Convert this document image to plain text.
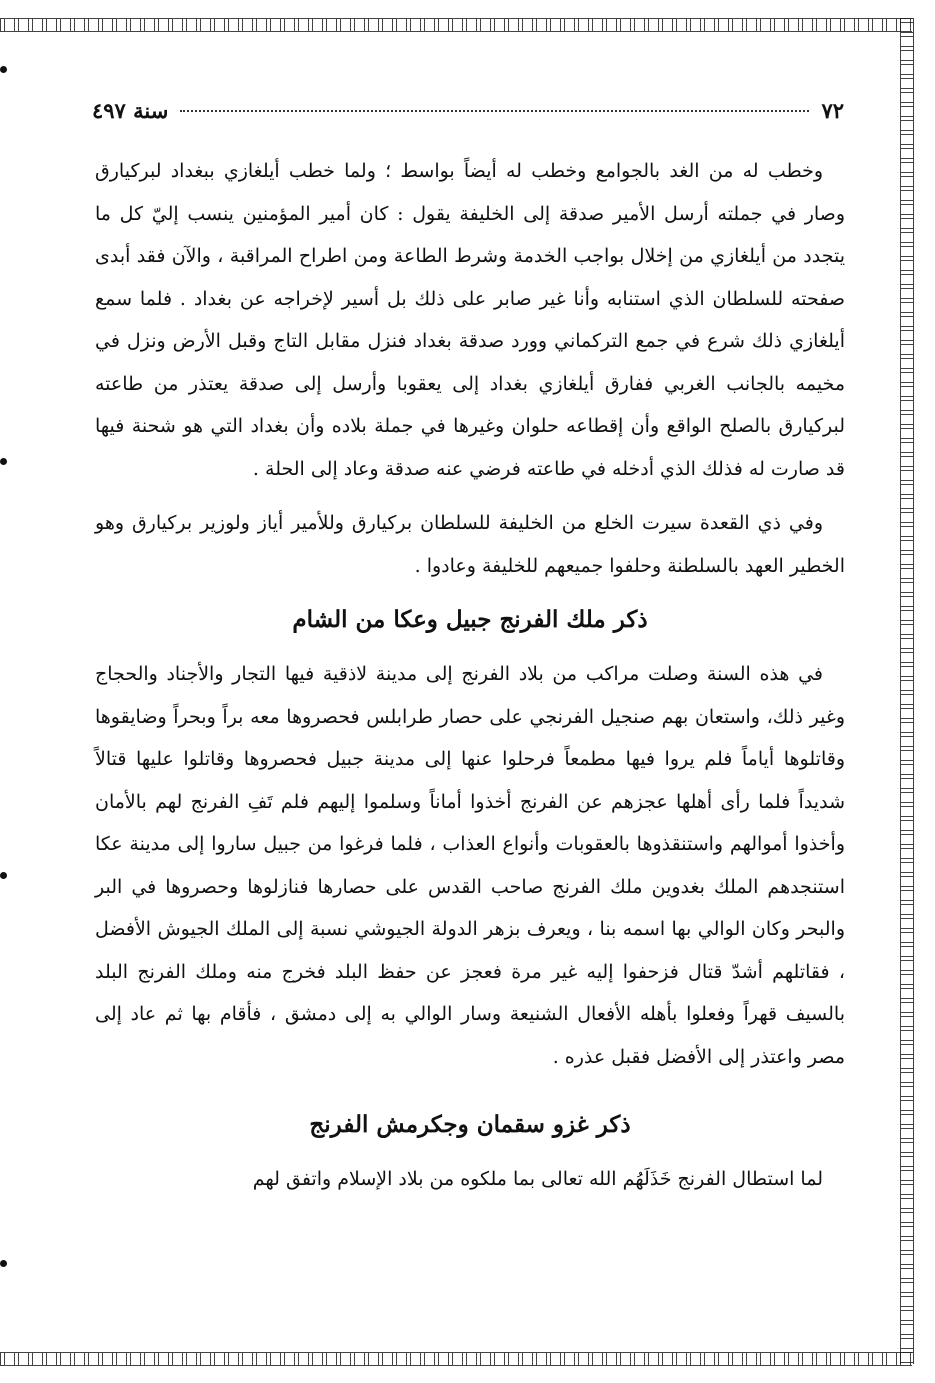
٧٢
سنة ٤٩٧

وخطب له من الغد بالجوامع وخطب له أيضاً بواسط ؛ ولما خطب أيلغازي ببغداد لبركيارق وصار في جملته أرسل الأمير صدقة إلى الخليفة يقول : كان أمير المؤمنين ينسب إليّ كل ما يتجدد من أيلغازي من إخلال بواجب الخدمة وشرط الطاعة ومن اطراح المراقبة ، والآن فقد أبدى صفحته للسلطان الذي استنابه وأنا غير صابر على ذلك بل أسير لإخراجه عن بغداد . فلما سمع أيلغازي ذلك شرع في جمع التركماني وورد صدقة بغداد فنزل مقابل التاج وقبل الأرض ونزل في مخيمه بالجانب الغربي ففارق أيلغازي بغداد إلى يعقوبا وأرسل إلى صدقة يعتذر من طاعته لبركيارق بالصلح الواقع وأن إقطاعه حلوان وغيرها في جملة بلاده وأن بغداد التي هو شحنة فيها قد صارت له فذلك الذي أدخله في طاعته فرضي عنه صدقة وعاد إلى الحلة .

وفي ذي القعدة سيرت الخلع من الخليفة للسلطان بركيارق وللأمير أياز ولوزير بركيارق وهو الخطير العهد بالسلطنة وحلفوا جميعهم للخليفة وعادوا .

ذكر ملك الفرنج جبيل وعكا من الشام

في هذه السنة وصلت مراكب من بلاد الفرنج إلى مدينة لاذقية فيها التجار والأجناد والحجاج وغير ذلك، واستعان بهم صنجيل الفرنجي على حصار طرابلس فحصروها معه براً وبحراً وضايقوها وقاتلوها أياماً فلم يروا فيها مطمعاً فرحلوا عنها إلى مدينة جبيل فحصروها وقاتلوا عليها قتالاً شديداً فلما رأى أهلها عجزهم عن الفرنج أخذوا أماناً وسلموا إليهم فلم تَفِ الفرنج لهم بالأمان وأخذوا أموالهم واستنقذوها بالعقوبات وأنواع العذاب ، فلما فرغوا من جبيل ساروا إلى مدينة عكا استنجدهم الملك بغدوين ملك الفرنج صاحب القدس على حصارها فنازلوها وحصروها في البر والبحر وكان الوالي بها اسمه بنا ، ويعرف بزهر الدولة الجيوشي نسبة إلى الملك الجيوش الأفضل ، فقاتلهم أشدّ قتال فزحفوا إليه غير مرة فعجز عن حفظ البلد فخرج منه وملك الفرنج البلد بالسيف قهراً وفعلوا بأهله الأفعال الشنيعة وسار الوالي به إلى دمشق ، فأقام بها ثم عاد إلى مصر واعتذر إلى الأفضل فقبل عذره .

ذكر غزو سقمان وجكرمش الفرنج

لما استطال الفرنج خَذَلَهُم الله تعالى بما ملكوه من بلاد الإسلام واتفق لهم
